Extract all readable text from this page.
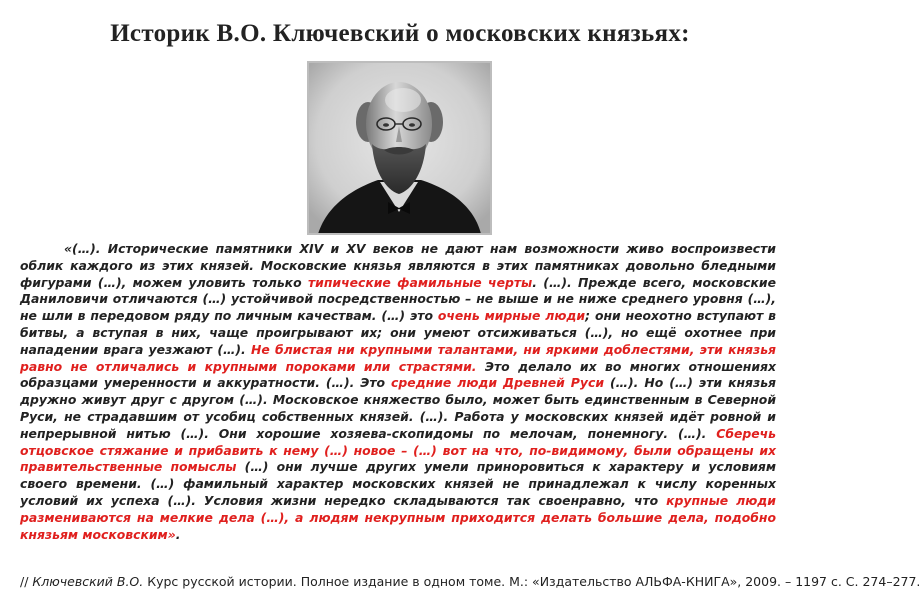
Историк В.О. Ключевский о московских князьях:

«(…). Исторические памятники XIV и XV веков не дают нам возможности живо воспроизвести облик каждого из этих князей. Московские князья являются в этих памятниках довольно бледными фигурами (…), можем уловить только типические фамильные черты. (…). Прежде всего, московские Даниловичи отличаются (…) устойчивой посредственностью – не выше и не ниже среднего уровня (…), не шли в передовом ряду по личным качествам. (…) это очень мирные люди; они неохотно вступают в битвы, а вступая в них, чаще проигрывают их; они умеют отсиживаться (…), но ещё охотнее при нападении врага уезжают (…). Не блистая ни крупными талантами, ни яркими доблестями, эти князья равно не отличались и крупными пороками или страстями. Это делало их во многих отношениях образцами умеренности и аккуратности. (…). Это средние люди Древней Руси (…). Но (…) эти князья дружно живут друг с другом (…). Московское княжество было, может быть единственным в Северной Руси, не страдавшим от усобиц собственных князей. (…). Работа у московских князей идёт ровной и непрерывной нитью (…). Они хорошие хозяева-скопидомы по мелочам, понемногу. (…). Сберечь отцовское стяжание и прибавить к нему (…) новое – (…) вот на что, по-видимому, были обращены их правительственные помыслы (…) они лучше других умели приноровиться к характеру и условиям своего времени. (…) фамильный характер московских князей не принадлежал к числу коренных условий их успеха (…). Условия жизни нередко складываются так своенравно, что крупные люди размениваются на мелкие дела (…), а людям некрупным приходится делать большие дела, подобно князьям московским».

// Ключевский В.О. Курс русской истории. Полное издание в одном томе. М.: «Издательство АЛЬФА-КНИГА», 2009. – 1197 с. С. 274–277.
